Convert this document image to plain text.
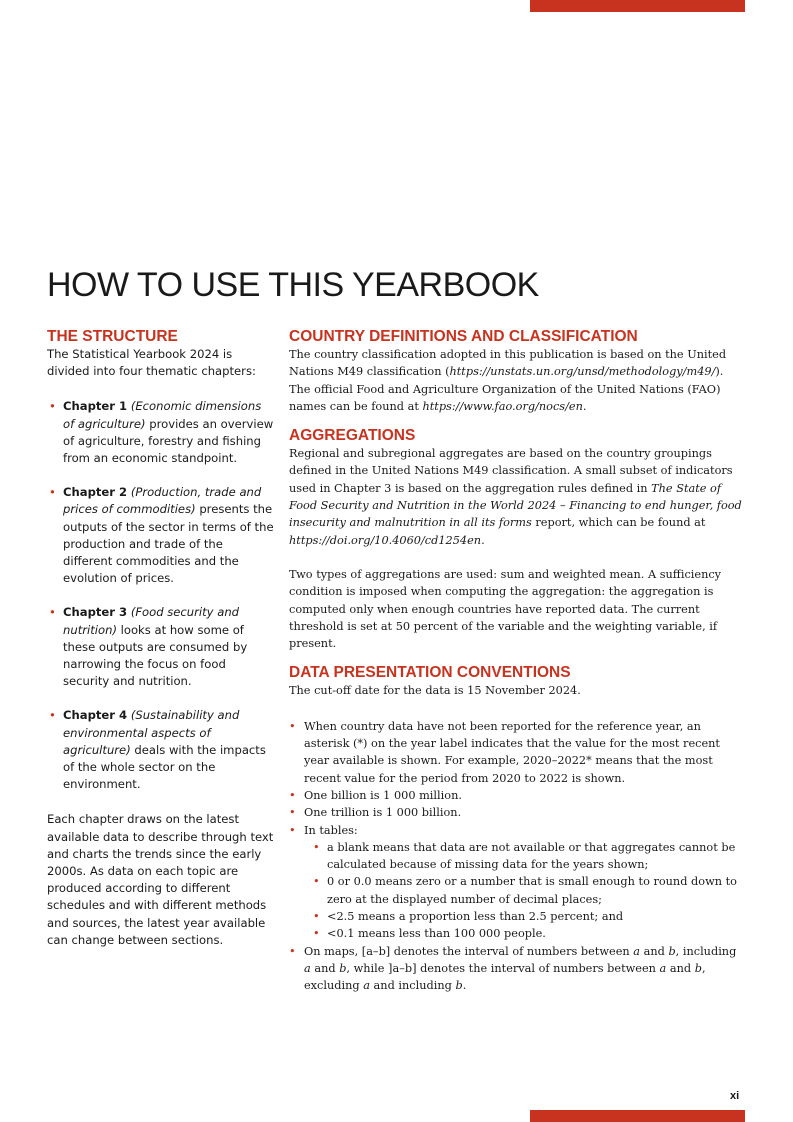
HOW TO USE THIS YEARBOOK
THE STRUCTURE

The Statistical Yearbook 2024 is divided into four thematic chapters:

• Chapter 1 (Economic dimensions of agriculture) provides an overview of agriculture, forestry and fishing from an economic standpoint.
• Chapter 2 (Production, trade and prices of commodities) presents the outputs of the sector in terms of the production and trade of the different commodities and the evolution of prices.
• Chapter 3 (Food security and nutrition) looks at how some of these outputs are consumed by narrowing the focus on food security and nutrition.
• Chapter 4 (Sustainability and environmental aspects of agriculture) deals with the impacts of the whole sector on the environment.

Each chapter draws on the latest available data to describe through text and charts the trends since the early 2000s. As data on each topic are produced according to different schedules and with different methods and sources, the latest year available can change between sections.

COUNTRY DEFINITIONS AND CLASSIFICATION

The country classification adopted in this publication is based on the United Nations M49 classification (https://unstats.un.org/unsd/methodology/m49/). The official Food and Agriculture Organization of the United Nations (FAO) names can be found at https://www.fao.org/nocs/en.

AGGREGATIONS

Regional and subregional aggregates are based on the country groupings defined in the United Nations M49 classification. A small subset of indicators used in Chapter 3 is based on the aggregation rules defined in The State of Food Security and Nutrition in the World 2024 – Financing to end hunger, food insecurity and malnutrition in all its forms report, which can be found at https://doi.org/10.4060/cd1254en.

Two types of aggregations are used: sum and weighted mean. A sufficiency condition is imposed when computing the aggregation: the aggregation is computed only when enough countries have reported data. The current threshold is set at 50 percent of the variable and the weighting variable, if present.

DATA PRESENTATION CONVENTIONS

The cut-off date for the data is 15 November 2024.

• When country data have not been reported for the reference year, an asterisk (*) on the year label indicates that the value for the most recent year available is shown. For example, 2020–2022* means that the most recent value for the period from 2020 to 2022 is shown.
• One billion is 1 000 million.
• One trillion is 1 000 billion.
• In tables:
• a blank means that data are not available or that aggregates cannot be calculated because of missing data for the years shown;
• 0 or 0.0 means zero or a number that is small enough to round down to zero at the displayed number of decimal places;
• <2.5 means a proportion less than 2.5 percent; and
• <0.1 means less than 100 000 people.
• On maps, [a–b] denotes the interval of numbers between a and b, including a and b, while ]a–b] denotes the interval of numbers between a and b, excluding a and including b.
xi
